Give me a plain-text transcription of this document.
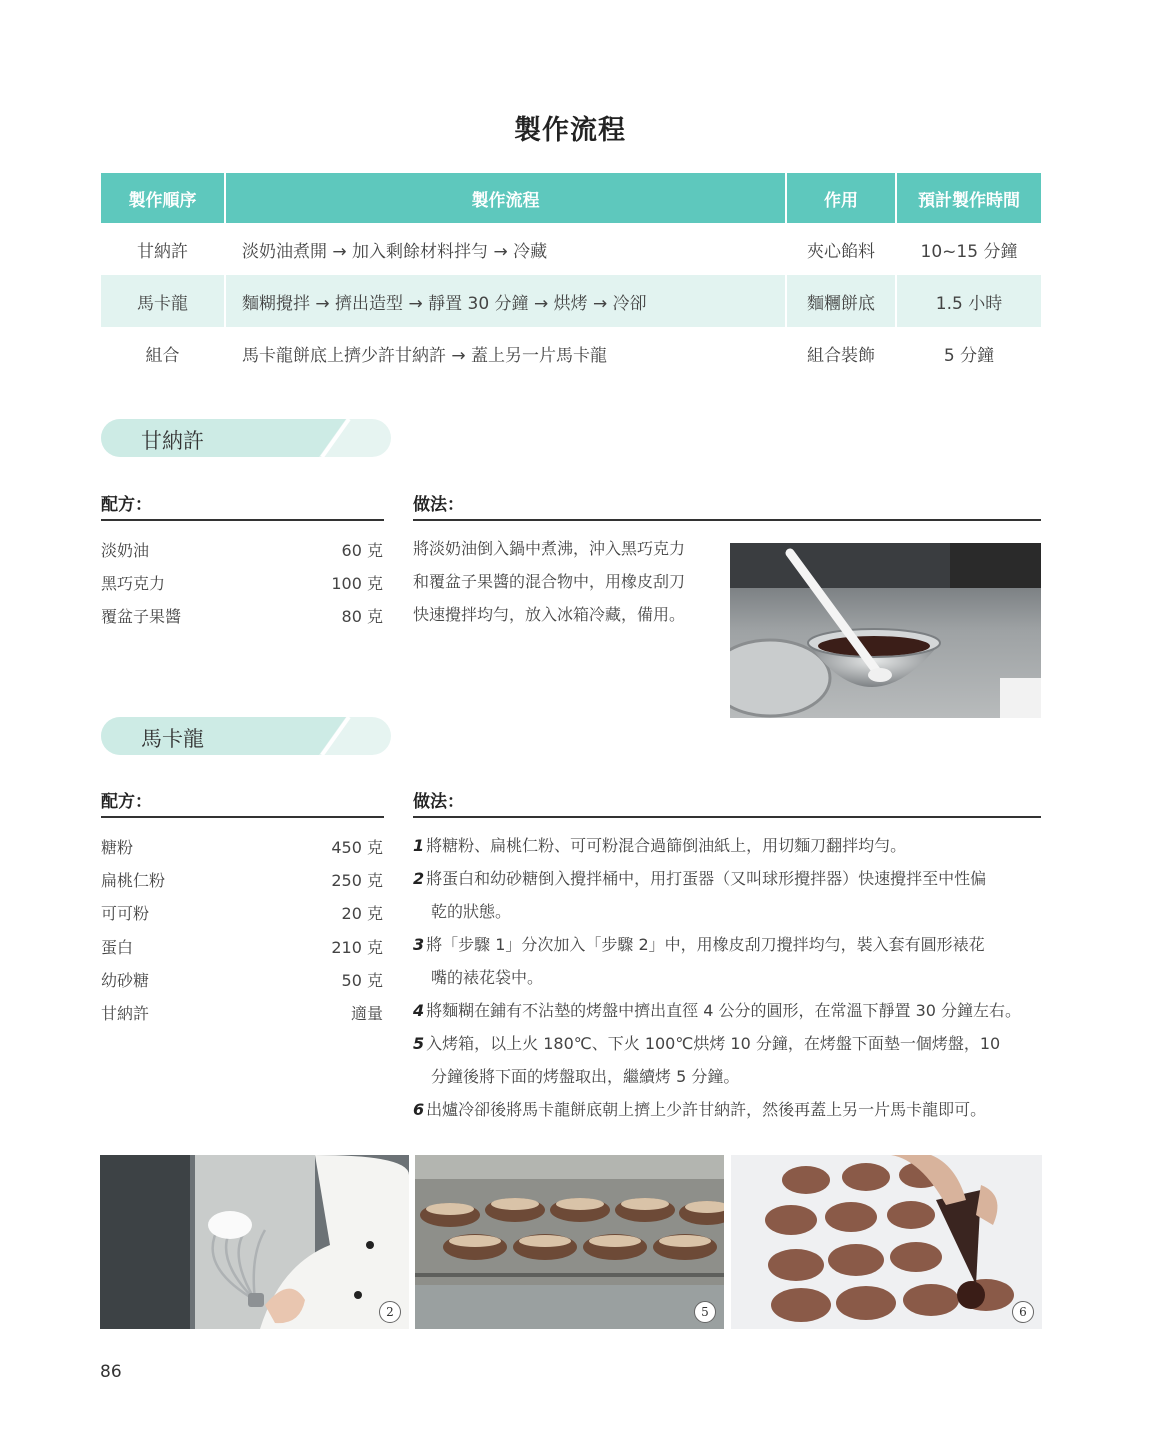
製作流程
製作順序	製作流程	作用	預計製作時間
甘納許	淡奶油煮開 → 加入剩餘材料拌勻 → 冷藏	夾心餡料	10~15 分鐘
馬卡龍	麵糊攪拌 → 擠出造型 → 靜置 30 分鐘 → 烘烤 → 冷卻	麵糰餅底	1.5 小時
組合	馬卡龍餅底上擠少許甘納許 → 蓋上另一片馬卡龍	組合裝飾	5 分鐘
甘納許
配方：	做法：
淡奶油	60 克
黑巧克力	100 克
覆盆子果醬	80 克
將淡奶油倒入鍋中煮沸，沖入黑巧克力
和覆盆子果醬的混合物中，用橡皮刮刀
快速攪拌均勻，放入冰箱冷藏，備用。
馬卡龍
配方：	做法：
糖粉	450 克
扁桃仁粉	250 克
可可粉	20 克
蛋白	210 克
幼砂糖	50 克
甘納許	適量
1 將糖粉、扁桃仁粉、可可粉混合過篩倒油紙上，用切麵刀翻拌均勻。
2 將蛋白和幼砂糖倒入攪拌桶中，用打蛋器（又叫球形攪拌器）快速攪拌至中性偏
乾的狀態。
3 將「步驟 1」分次加入「步驟 2」中，用橡皮刮刀攪拌均勻，裝入套有圓形裱花
嘴的裱花袋中。
4 將麵糊在鋪有不沾墊的烤盤中擠出直徑 4 公分的圓形，在常溫下靜置 30 分鐘左右。
5 入烤箱，以上火 180℃、下火 100℃烘烤 10 分鐘，在烤盤下面墊一個烤盤，10
分鐘後將下面的烤盤取出，繼續烤 5 分鐘。
6 出爐冷卻後將馬卡龍餅底朝上擠上少許甘納許，然後再蓋上另一片馬卡龍即可。
2	5	6
86
